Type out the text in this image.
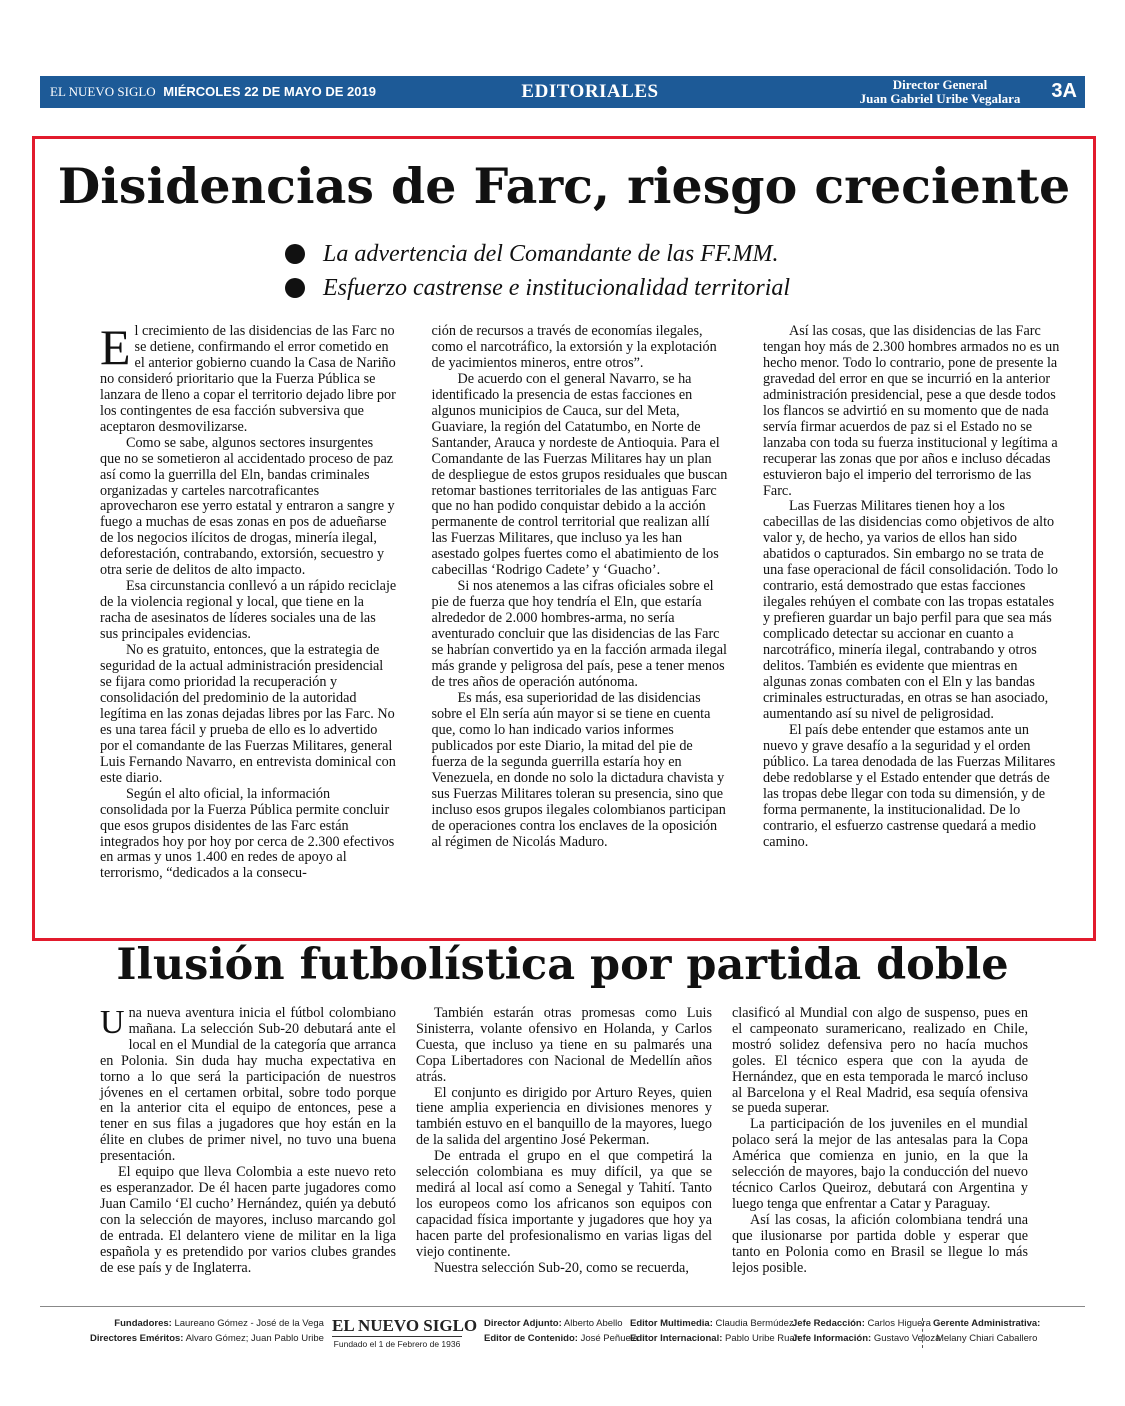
EL NUEVO SIGLO MIÉRCOLES 22 DE MAYO DE 2019	EDITORIALES	Director General
Juan Gabriel Uribe Vegalara	3A
Disidencias de Farc, riesgo creciente
La advertencia del Comandante de las FF.MM.
Esfuerzo castrense e institucionalidad territorial

El crecimiento de las disidencias de las Farc no se detiene, confirmando el error cometido en el anterior gobierno cuando la Casa de Nariño no consideró prioritario que la Fuerza Pública se lanzara de lleno a copar el territorio dejado libre por los contingentes de esa facción subversiva que aceptaron desmovilizarse.

Como se sabe, algunos sectores insurgentes que no se sometieron al accidentado proceso de paz así como la guerrilla del Eln, bandas criminales organizadas y carteles narcotraficantes aprovecharon ese yerro estatal y entraron a sangre y fuego a muchas de esas zonas en pos de adueñarse de los negocios ilícitos de drogas, minería ilegal, deforestación, contrabando, extorsión, secuestro y otra serie de delitos de alto impacto.

Esa circunstancia conllevó a un rápido reciclaje de la violencia regional y local, que tiene en la racha de asesinatos de líderes sociales una de las sus principales evidencias.

No es gratuito, entonces, que la estrategia de seguridad de la actual administración presidencial se fijara como prioridad la recuperación y consolidación del predominio de la autoridad legítima en las zonas dejadas libres por las Farc. No es una tarea fácil y prueba de ello es lo advertido por el comandante de las Fuerzas Militares, general Luis Fernando Navarro, en entrevista dominical con este diario.

Según el alto oficial, la información consolidada por la Fuerza Pública permite concluir que esos grupos disidentes de las Farc están integrados hoy por hoy por cerca de 2.300 efectivos en armas y unos 1.400 en redes de apoyo al terrorismo, “dedicados a la consecu-

ción de recursos a través de economías ilegales, como el narcotráfico, la extorsión y la explotación de yacimientos mineros, entre otros”.

De acuerdo con el general Navarro, se ha identificado la presencia de estas facciones en algunos municipios de Cauca, sur del Meta, Guaviare, la región del Catatumbo, en Norte de Santander, Arauca y nordeste de Antioquia. Para el Comandante de las Fuerzas Militares hay un plan de despliegue de estos grupos residuales que buscan retomar bastiones territoriales de las antiguas Farc que no han podido conquistar debido a la acción permanente de control territorial que realizan allí las Fuerzas Militares, que incluso ya les han asestado golpes fuertes como el abatimiento de los cabecillas ‘Rodrigo Cadete’ y ‘Guacho’.

Si nos atenemos a las cifras oficiales sobre el pie de fuerza que hoy tendría el Eln, que estaría alrededor de 2.000 hombres-arma, no sería aventurado concluir que las disidencias de las Farc se habrían convertido ya en la facción armada ilegal más grande y peligrosa del país, pese a tener menos de tres años de operación autónoma.

Es más, esa superioridad de las disidencias sobre el Eln sería aún mayor si se tiene en cuenta que, como lo han indicado varios informes publicados por este Diario, la mitad del pie de fuerza de la segunda guerrilla estaría hoy en Venezuela, en donde no solo la dictadura chavista y sus Fuerzas Militares toleran su presencia, sino que incluso esos grupos ilegales colombianos participan de operaciones contra los enclaves de la oposición al régimen de Nicolás Maduro.

Así las cosas, que las disidencias de las Farc tengan hoy más de 2.300 hombres armados no es un hecho menor. Todo lo contrario, pone de presente la gravedad del error en que se incurrió en la anterior administración presidencial, pese a que desde todos los flancos se advirtió en su momento que de nada servía firmar acuerdos de paz si el Estado no se lanzaba con toda su fuerza institucional y legítima a recuperar las zonas que por años e incluso décadas estuvieron bajo el imperio del terrorismo de las Farc.

Las Fuerzas Militares tienen hoy a los cabecillas de las disidencias como objetivos de alto valor y, de hecho, ya varios de ellos han sido abatidos o capturados. Sin embargo no se trata de una fase operacional de fácil consolidación. Todo lo contrario, está demostrado que estas facciones ilegales rehúyen el combate con las tropas estatales y prefieren guardar un bajo perfil para que sea más complicado detectar su accionar en cuanto a narcotráfico, minería ilegal, contrabando y otros delitos. También es evidente que mientras en algunas zonas combaten con el Eln y las bandas criminales estructuradas, en otras se han asociado, aumentando así su nivel de peligrosidad.

El país debe entender que estamos ante un nuevo y grave desafío a la seguridad y el orden público. La tarea denodada de las Fuerzas Militares debe redoblarse y el Estado entender que detrás de las tropas debe llegar con toda su dimensión, y de forma permanente, la institucionalidad. De lo contrario, el esfuerzo castrense quedará a medio camino.

Ilusión futbolística por partida doble

Una nueva aventura inicia el fútbol colombiano mañana. La selección Sub-20 debutará ante el local en el Mundial de la categoría que arranca en Polonia. Sin duda hay mucha expectativa en torno a lo que será la participación de nuestros jóvenes en el certamen orbital, sobre todo porque en la anterior cita el equipo de entonces, pese a tener en sus filas a jugadores que hoy están en la élite en clubes de primer nivel, no tuvo una buena presentación.

El equipo que lleva Colombia a este nuevo reto es esperanzador. De él hacen parte jugadores como Juan Camilo ‘El cucho’ Hernández, quién ya debutó con la selección de mayores, incluso marcando gol de entrada. El delantero viene de militar en la liga española y es pretendido por varios clubes grandes de ese país y de Inglaterra.

También estarán otras promesas como Luis Sinisterra, volante ofensivo en Holanda, y Carlos Cuesta, que incluso ya tiene en su palmarés una Copa Libertadores con Nacional de Medellín años atrás.

El conjunto es dirigido por Arturo Reyes, quien tiene amplia experiencia en divisiones menores y también estuvo en el banquillo de la mayores, luego de la salida del argentino José Pekerman.

De entrada el grupo en el que competirá la selección colombiana es muy difícil, ya que se medirá al local así como a Senegal y Tahití. Tanto los europeos como los africanos son equipos con capacidad física importante y jugadores que hoy ya hacen parte del profesionalismo en varias ligas del viejo continente.

Nuestra selección Sub-20, como se recuerda,

clasificó al Mundial con algo de suspenso, pues en el campeonato suramericano, realizado en Chile, mostró solidez defensiva pero no hacía muchos goles. El técnico espera que con la ayuda de Hernández, que en esta temporada le marcó incluso al Barcelona y el Real Madrid, esa sequía ofensiva se pueda superar.

La participación de los juveniles en el mundial polaco será la mejor de las antesalas para la Copa América que comienza en junio, en la que la selección de mayores, bajo la conducción del nuevo técnico Carlos Queiroz, debutará con Argentina y luego tenga que enfrentar a Catar y Paraguay.

Así las cosas, la afición colombiana tendrá una que ilusionarse por partida doble y esperar que tanto en Polonia como en Brasil se llegue lo más lejos posible.

Fundadores: Laureano Gómez - José de la Vega
Directores Eméritos: Alvaro Gómez; Juan Pablo Uribe
EL NUEVO SIGLO
Fundado el 1 de Febrero de 1936
Director Adjunto: Alberto Abello
Editor de Contenido: José Peñuela
Editor Multimedia: Claudia Bermúdez
Editor Internacional: Pablo Uribe Ruan
Jefe Redacción: Carlos Higuera
Jefe Información: Gustavo Veloza
Gerente Administrativa:
Melany Chiari Caballero
